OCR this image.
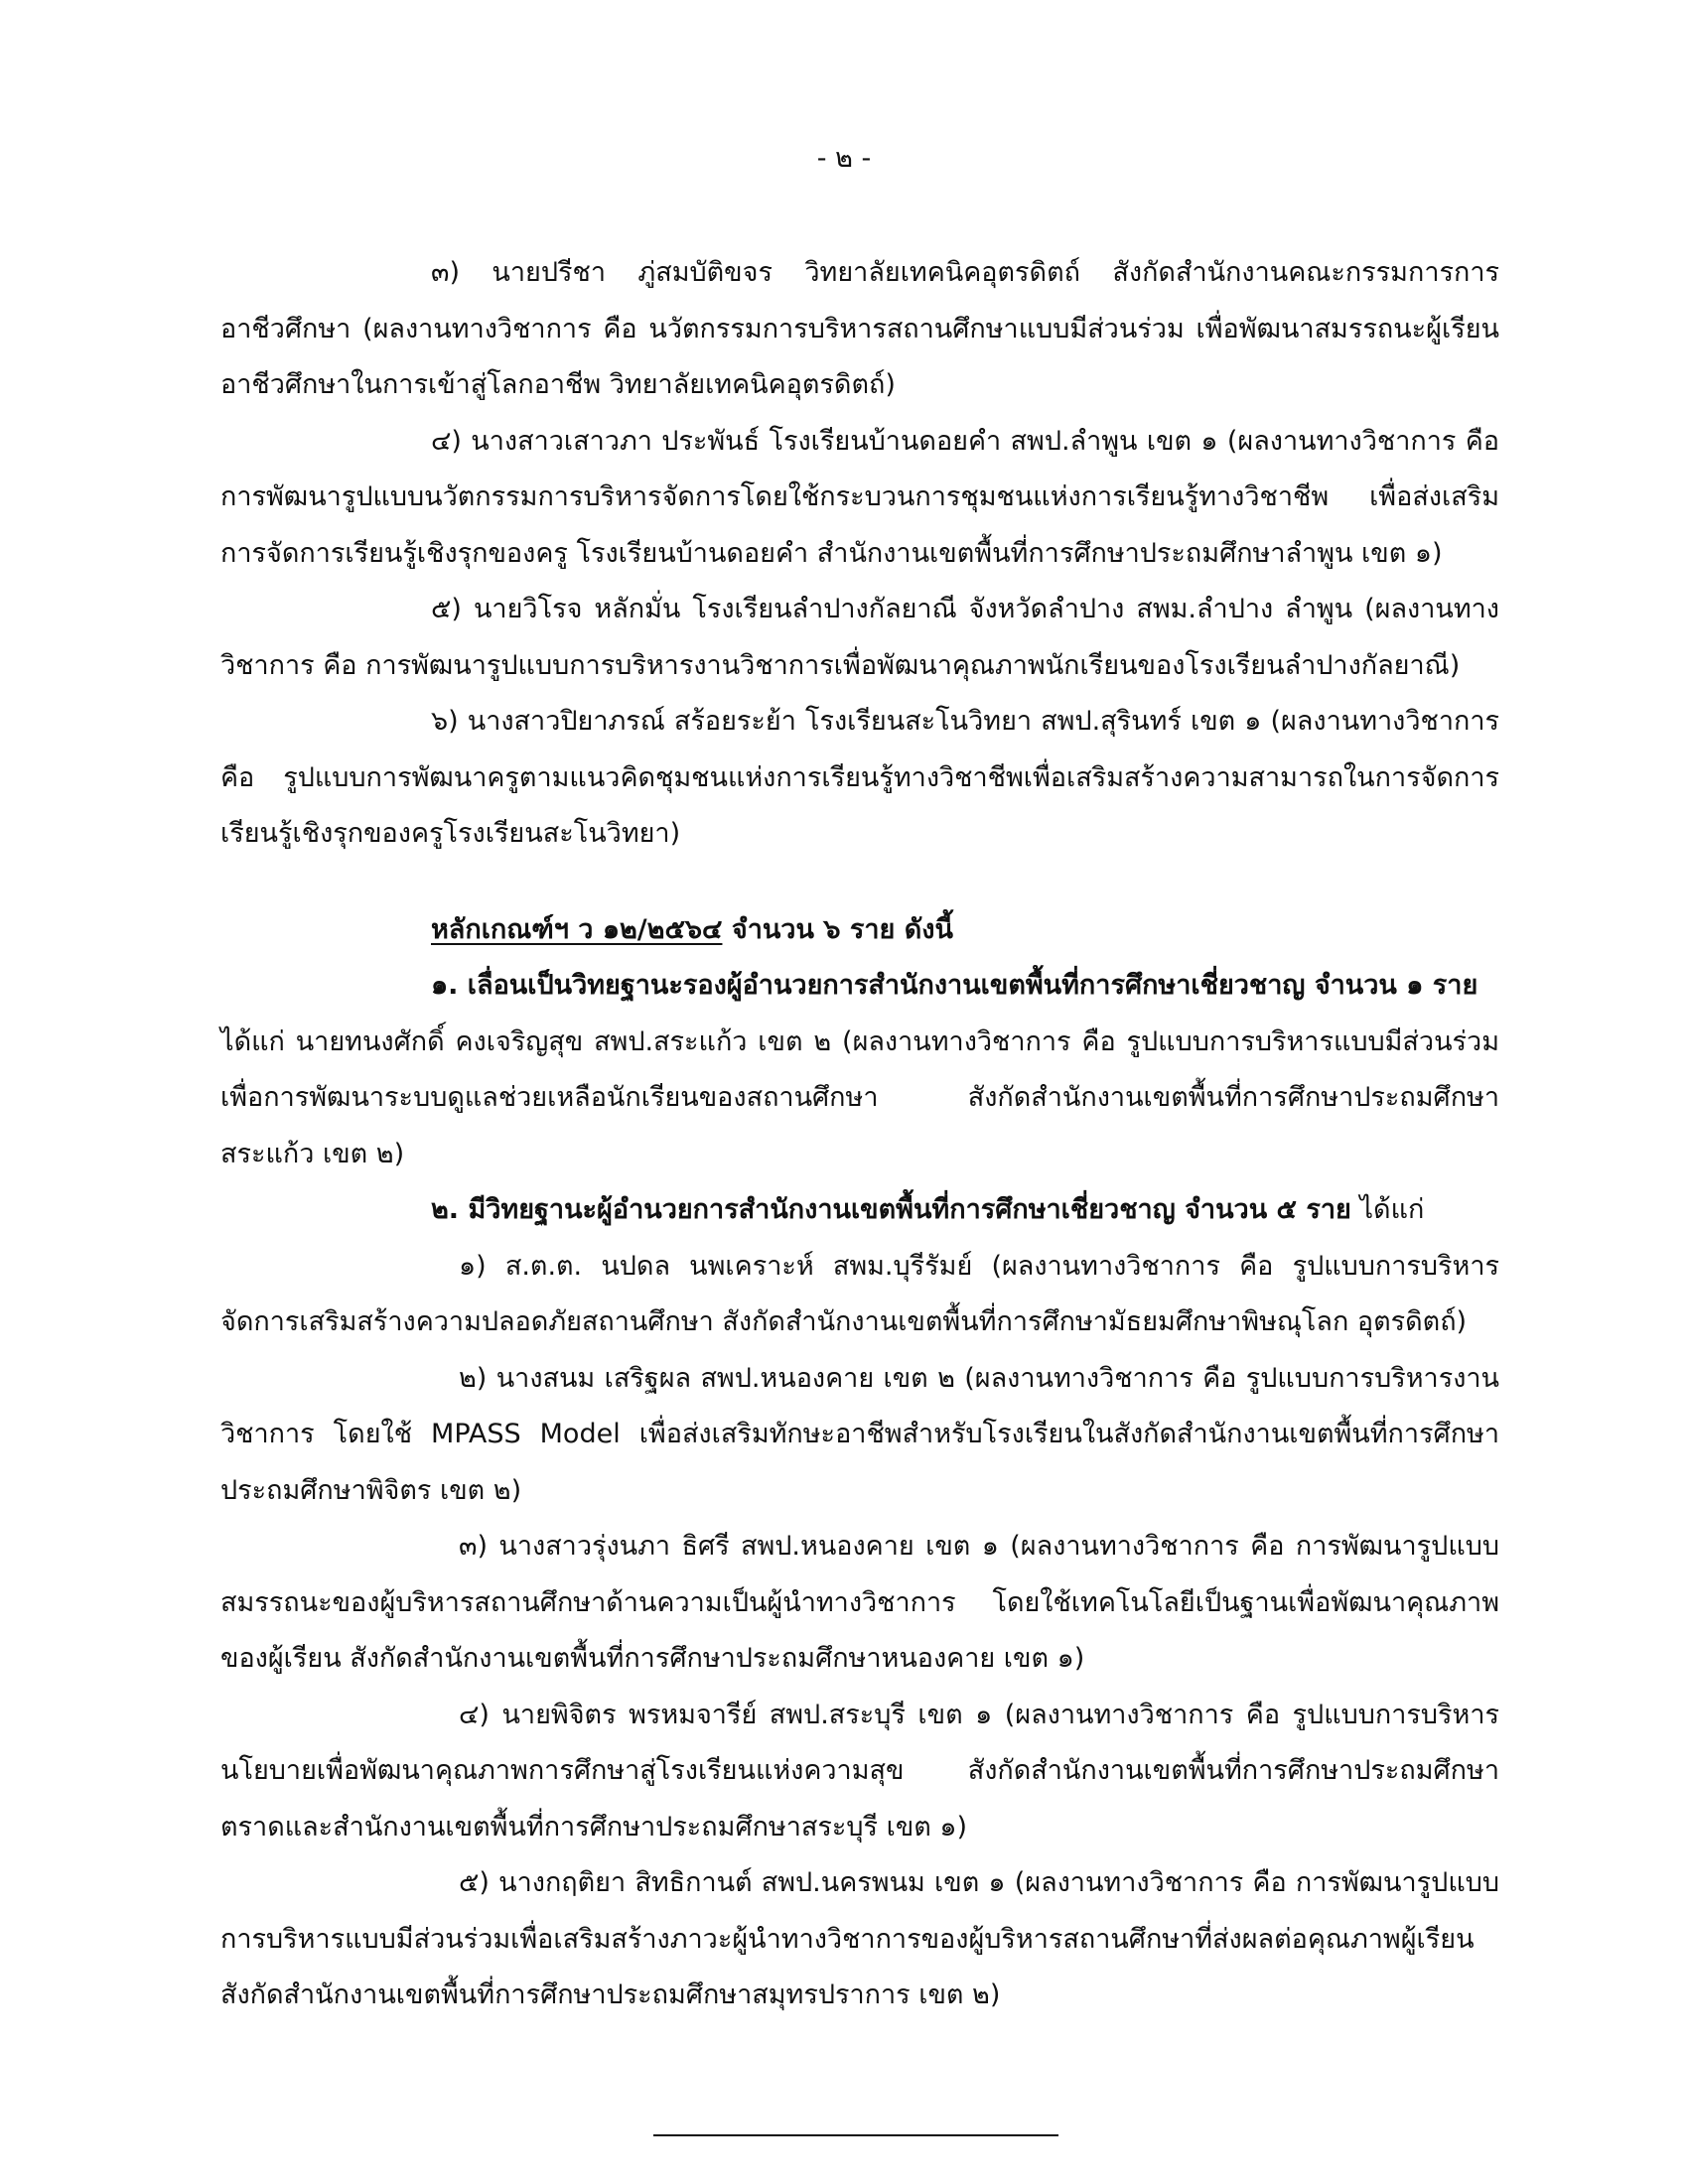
- ๒ -

๓) นายปรีชา ภู่สมบัติขจร วิทยาลัยเทคนิคอุตรดิตถ์ สังกัดสำนักงานคณะกรรมการการอาชีวศึกษา (ผลงานทางวิชาการ คือ นวัตกรรมการบริหารสถานศึกษาแบบมีส่วนร่วม เพื่อพัฒนาสมรรถนะผู้เรียนอาชีวศึกษาในการเข้าสู่โลกอาชีพ วิทยาลัยเทคนิคอุตรดิตถ์)

๔) นางสาวเสาวภา ประพันธ์ โรงเรียนบ้านดอยคำ สพป.ลำพูน เขต ๑ (ผลงานทางวิชาการ คือการพัฒนารูปแบบนวัตกรรมการบริหารจัดการโดยใช้กระบวนการชุมชนแห่งการเรียนรู้ทางวิชาชีพ เพื่อส่งเสริมการจัดการเรียนรู้เชิงรุกของครู โรงเรียนบ้านดอยคำ สำนักงานเขตพื้นที่การศึกษาประถมศึกษาลำพูน เขต ๑)

๕) นายวิโรจ หลักมั่น โรงเรียนลำปางกัลยาณี จังหวัดลำปาง สพม.ลำปาง ลำพูน (ผลงานทางวิชาการ คือ การพัฒนารูปแบบการบริหารงานวิชาการเพื่อพัฒนาคุณภาพนักเรียนของโรงเรียนลำปางกัลยาณี)

๖) นางสาวปิยาภรณ์ สร้อยระย้า โรงเรียนสะโนวิทยา สพป.สุรินทร์ เขต ๑ (ผลงานทางวิชาการคือ รูปแบบการพัฒนาครูตามแนวคิดชุมชนแห่งการเรียนรู้ทางวิชาชีพเพื่อเสริมสร้างความสามารถในการจัดการเรียนรู้เชิงรุกของครูโรงเรียนสะโนวิทยา)

หลักเกณฑ์ฯ ว ๑๒/๒๕๖๔ จำนวน ๖ ราย ดังนี้

๑. เลื่อนเป็นวิทยฐานะรองผู้อำนวยการสำนักงานเขตพื้นที่การศึกษาเชี่ยวชาญ จำนวน ๑ ราย

ได้แก่ นายทนงศักดิ์ คงเจริญสุข สพป.สระแก้ว เขต ๒ (ผลงานทางวิชาการ คือ รูปแบบการบริหารแบบมีส่วนร่วมเพื่อการพัฒนาระบบดูแลช่วยเหลือนักเรียนของสถานศึกษา สังกัดสำนักงานเขตพื้นที่การศึกษาประถมศึกษาสระแก้ว เขต ๒)

๒. มีวิทยฐานะผู้อำนวยการสำนักงานเขตพื้นที่การศึกษาเชี่ยวชาญ จำนวน ๕ ราย ได้แก่

๑) ส.ต.ต. นปดล นพเคราะห์ สพม.บุรีรัมย์ (ผลงานทางวิชาการ คือ รูปแบบการบริหารจัดการเสริมสร้างความปลอดภัยสถานศึกษา สังกัดสำนักงานเขตพื้นที่การศึกษามัธยมศึกษาพิษณุโลก อุตรดิตถ์)

๒) นางสนม เสริฐผล สพป.หนองคาย เขต ๒ (ผลงานทางวิชาการ คือ รูปแบบการบริหารงานวิชาการ โดยใช้ MPASS Model เพื่อส่งเสริมทักษะอาชีพสำหรับโรงเรียนในสังกัดสำนักงานเขตพื้นที่การศึกษาประถมศึกษาพิจิตร เขต ๒)

๓) นางสาวรุ่งนภา ธิศรี สพป.หนองคาย เขต ๑ (ผลงานทางวิชาการ คือ การพัฒนารูปแบบสมรรถนะของผู้บริหารสถานศึกษาด้านความเป็นผู้นำทางวิชาการ โดยใช้เทคโนโลยีเป็นฐานเพื่อพัฒนาคุณภาพของผู้เรียน สังกัดสำนักงานเขตพื้นที่การศึกษาประถมศึกษาหนองคาย เขต ๑)

๔) นายพิจิตร พรหมจารีย์ สพป.สระบุรี เขต ๑ (ผลงานทางวิชาการ คือ รูปแบบการบริหารนโยบายเพื่อพัฒนาคุณภาพการศึกษาสู่โรงเรียนแห่งความสุข สังกัดสำนักงานเขตพื้นที่การศึกษาประถมศึกษาตราดและสำนักงานเขตพื้นที่การศึกษาประถมศึกษาสระบุรี เขต ๑)

๕) นางกฤติยา สิทธิกานต์ สพป.นครพนม เขต ๑ (ผลงานทางวิชาการ คือ การพัฒนารูปแบบการบริหารแบบมีส่วนร่วมเพื่อเสริมสร้างภาวะผู้นำทางวิชาการของผู้บริหารสถานศึกษาที่ส่งผลต่อคุณภาพผู้เรียนสังกัดสำนักงานเขตพื้นที่การศึกษาประถมศึกษาสมุทรปราการ เขต ๒)
